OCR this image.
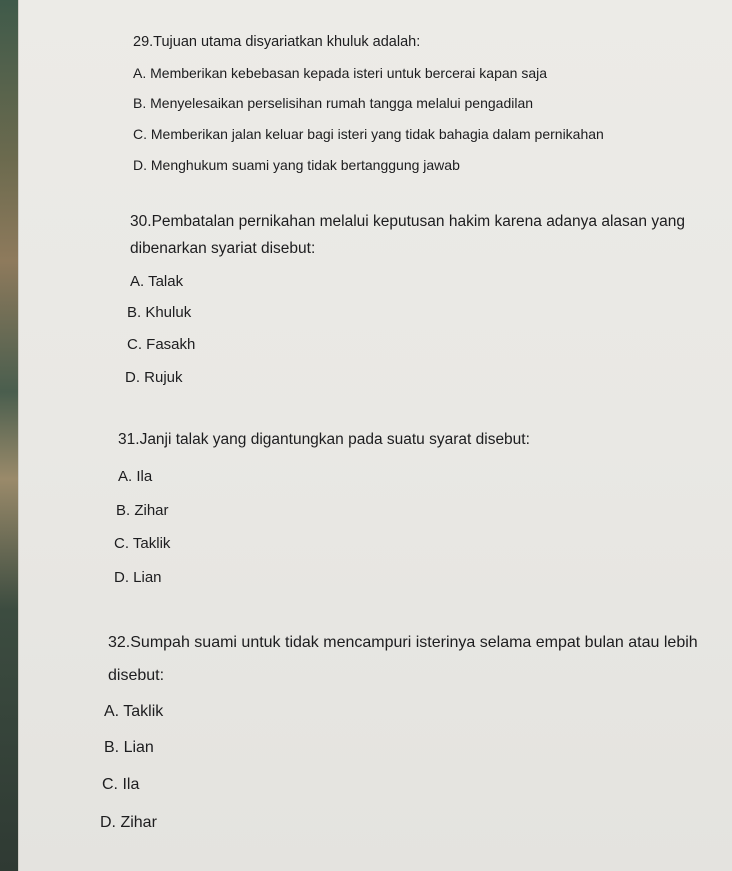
29.Tujuan utama disyariatkan khuluk adalah:
A. Memberikan kebebasan kepada isteri untuk bercerai kapan saja
B. Menyelesaikan perselisihan rumah tangga melalui pengadilan
C. Memberikan jalan keluar bagi isteri yang tidak bahagia dalam pernikahan
D. Menghukum suami yang tidak bertanggung jawab
30.Pembatalan pernikahan melalui keputusan hakim karena adanya alasan yang
dibenarkan syariat disebut:
A. Talak
B. Khuluk
C. Fasakh
D. Rujuk
31.Janji talak yang digantungkan pada suatu syarat disebut:
A. Ila
B. Zihar
C. Taklik
D. Lian
32.Sumpah suami untuk tidak mencampuri isterinya selama empat bulan atau lebih
disebut:
A. Taklik
B. Lian
C. Ila
D. Zihar
